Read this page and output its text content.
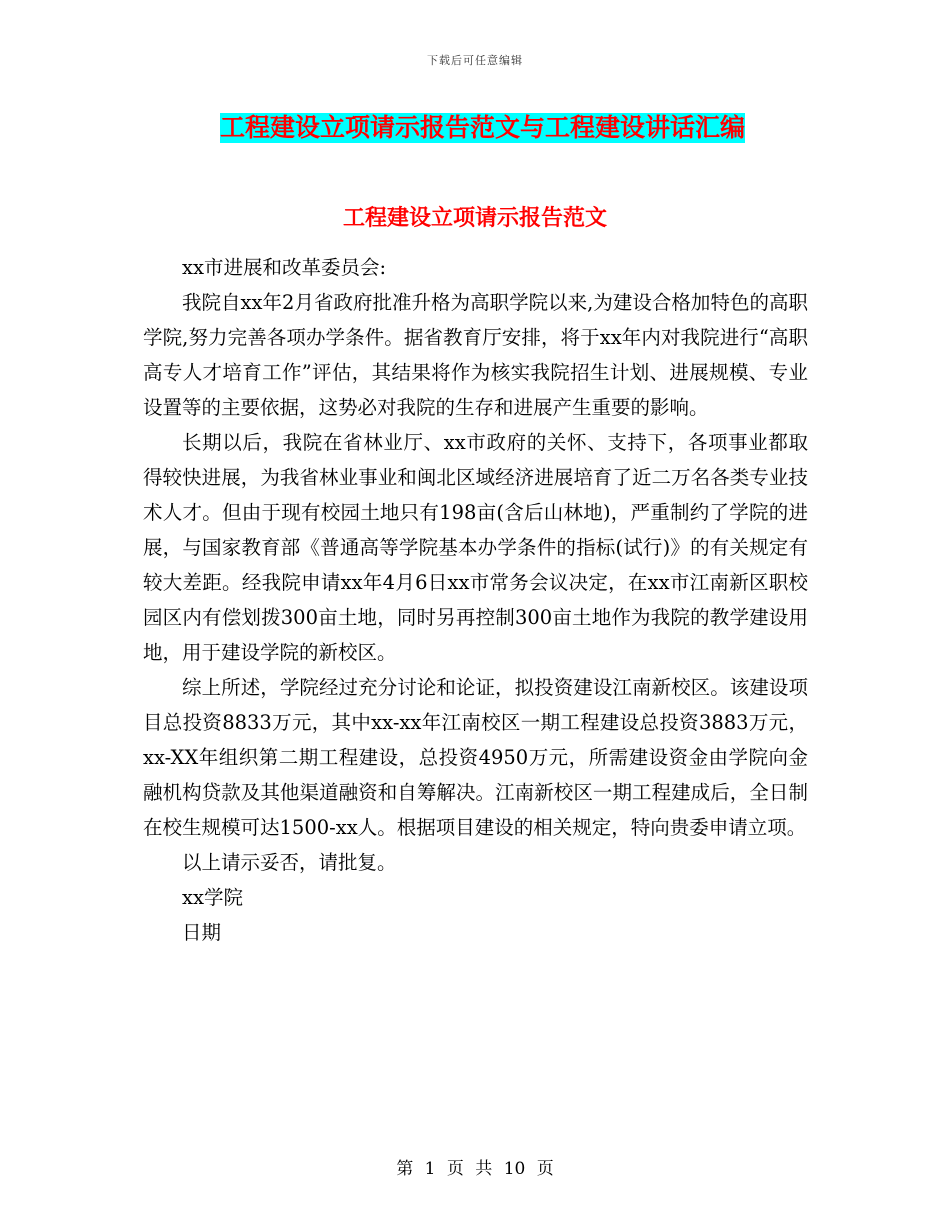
下载后可任意编辑
工程建设立项请示报告范文与工程建设讲话汇编
工程建设立项请示报告范文

xx市进展和改革委员会:

我院自xx年2月省政府批准升格为高职学院以来,为建设合格加特色的高职学院,努力完善各项办学条件。据省教育厅安排，将于xx年内对我院进行“高职高专人才培育工作”评估，其结果将作为核实我院招生计划、进展规模、专业设置等的主要依据，这势必对我院的生存和进展产生重要的影响。

长期以后，我院在省林业厅、xx市政府的关怀、支持下，各项事业都取得较快进展，为我省林业事业和闽北区域经济进展培育了近二万名各类专业技术人才。但由于现有校园土地只有198亩(含后山林地)，严重制约了学院的进展，与国家教育部《普通高等学院基本办学条件的指标(试行)》的有关规定有较大差距。经我院申请xx年4月6日xx市常务会议决定，在xx市江南新区职校园区内有偿划拨300亩土地，同时另再控制300亩土地作为我院的教学建设用地，用于建设学院的新校区。

综上所述，学院经过充分讨论和论证，拟投资建设江南新校区。该建设项目总投资8833万元，其中xx-xx年江南校区一期工程建设总投资3883万元，xx-XX年组织第二期工程建设，总投资4950万元，所需建设资金由学院向金融机构贷款及其他渠道融资和自筹解决。江南新校区一期工程建成后，全日制在校生规模可达1500-xx人。根据项目建设的相关规定，特向贵委申请立项。

以上请示妥否，请批复。

xx学院

日期

第 1 页 共 10 页
